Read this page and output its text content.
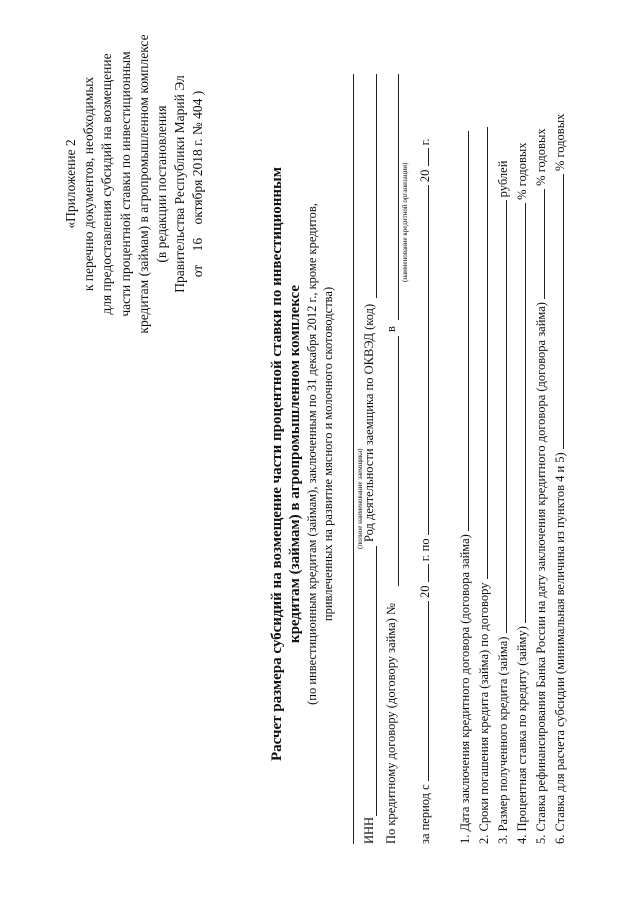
«Приложение 2 к перечню документов, необходимых для предоставления субсидий на возмещение части процентной ставки по инвестиционным кредитам (займам) в агропромышленном комплексе (в редакции постановления Правительства Республики Марий Эл от 16 октября 2018 г. № 404 )
Расчет размера субсидий на возмещение части процентной ставки по инвестиционным кредитам (займам) в агропромышленном комплексе (по инвестиционным кредитам (займам), заключенным по 31 декабря 2012 г., кроме кредитов, привлеченных на развитие мясного и молочного скотоводства)	(полное наименование заемщика)
ИНН
Род деятельности заемщика по ОКВЭД (код)
По кредитному договору (договору займа) №
в
(наименование кредитной организации)
за период с  20  г. по  20  г.
1. Дата заключения кредитного договора (договора займа) 2. Сроки погашения кредита (займа) по договору 3. Размер полученного кредита (займа)  рублей
4. Процентная ставка по кредиту (займу)  % годовых
5. Ставка рефинансирования Банка России на дату заключения кредитного договора (договора займа)  % годовых
6. Ставка для расчета субсидии (минимальная величина из пунктов 4 и 5)  % годовых
